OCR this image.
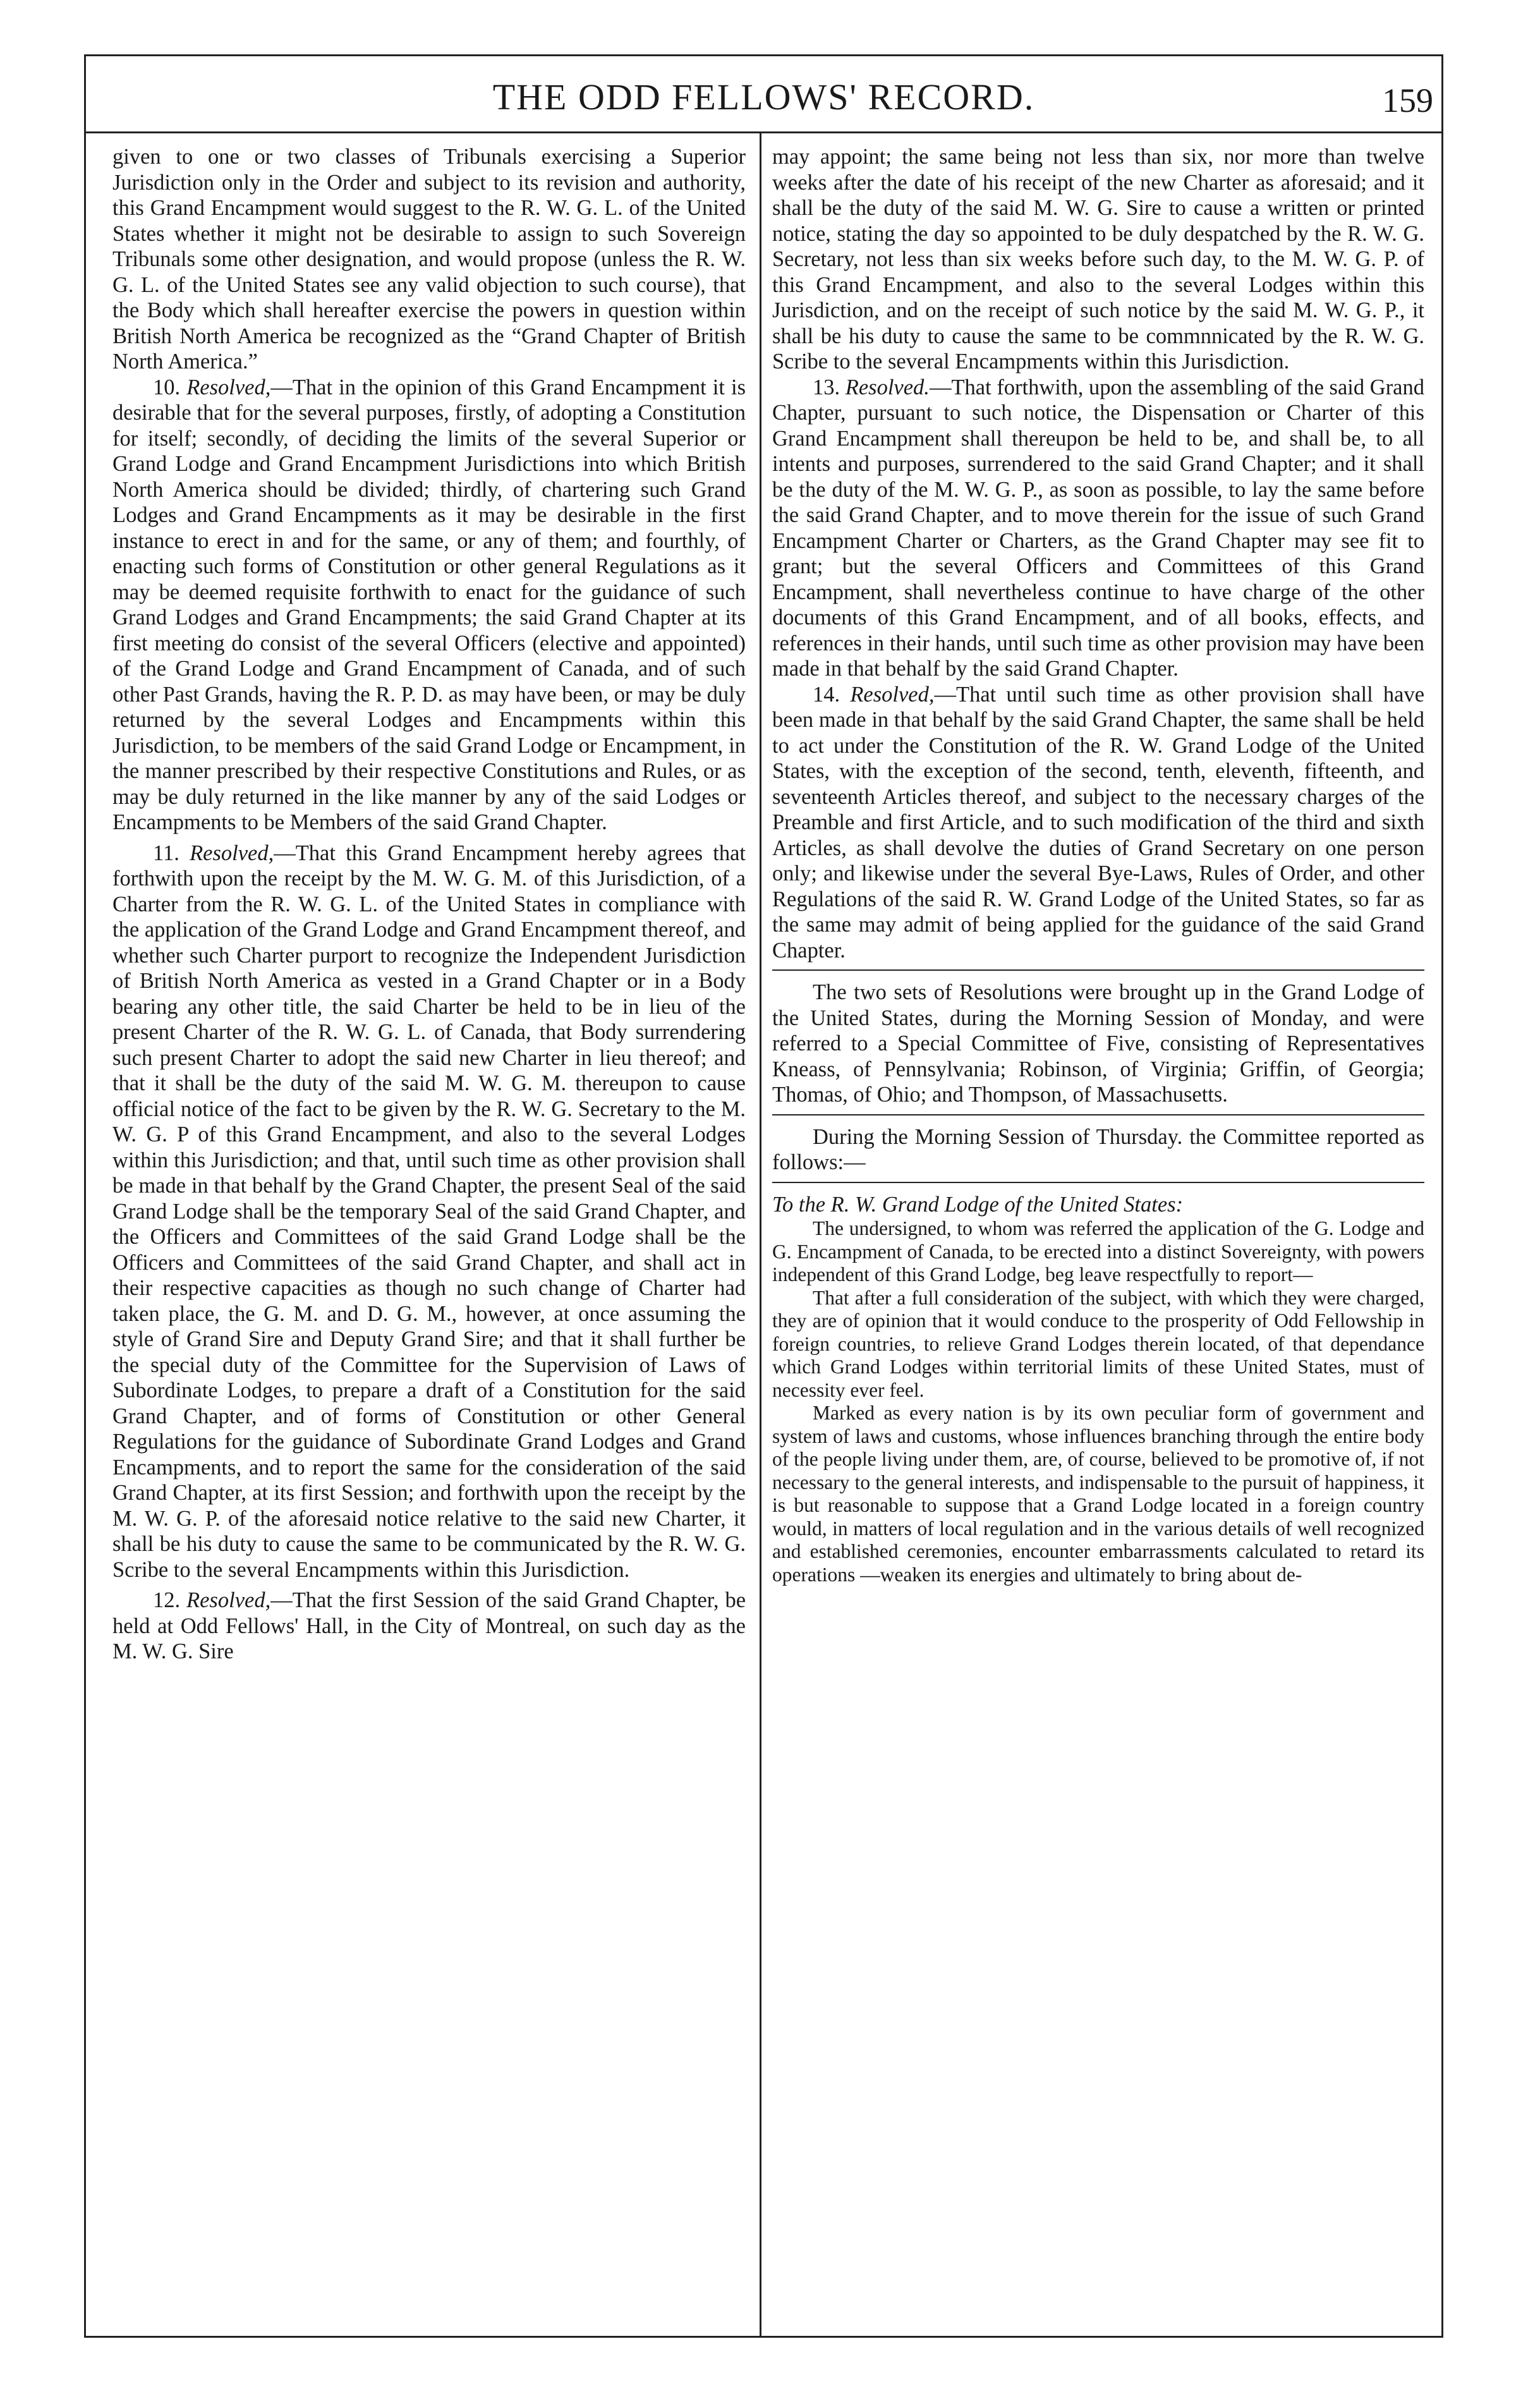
THE ODD FELLOWS' RECORD.	159

given to one or two classes of Tribunals exercising a Superior Jurisdiction only in the Order and subject to its revision and authority, this Grand Encampment would suggest to the R. W. G. L. of the United States whether it might not be desirable to assign to such Sovereign Tribunals some other designation, and would propose (unless the R. W. G. L. of the United States see any valid objection to such course), that the Body which shall hereafter exercise the powers in question within British North America be recognized as the “Grand Chapter of British North America.”

10. Resolved,—That in the opinion of this Grand Encampment it is desirable that for the several purposes, firstly, of adopting a Constitution for itself; secondly, of deciding the limits of the several Superior or Grand Lodge and Grand Encampment Jurisdictions into which British North America should be divided; thirdly, of chartering such Grand Lodges and Grand Encampments as it may be desirable in the first instance to erect in and for the same, or any of them; and fourthly, of enacting such forms of Constitution or other general Regulations as it may be deemed requisite forthwith to enact for the guidance of such Grand Lodges and Grand Encampments; the said Grand Chapter at its first meeting do consist of the several Officers (elective and appointed) of the Grand Lodge and Grand Encampment of Canada, and of such other Past Grands, having the R. P. D. as may have been, or may be duly returned by the several Lodges and Encampments within this Jurisdiction, to be members of the said Grand Lodge or Encampment, in the manner prescribed by their respective Constitutions and Rules, or as may be duly returned in the like manner by any of the said Lodges or Encampments to be Members of the said Grand Chapter.

11. Resolved,—That this Grand Encampment hereby agrees that forthwith upon the receipt by the M. W. G. M. of this Jurisdiction, of a Charter from the R. W. G. L. of the United States in compliance with the application of the Grand Lodge and Grand Encampment thereof, and whether such Charter purport to recognize the Independent Jurisdiction of British North America as vested in a Grand Chapter or in a Body bearing any other title, the said Charter be held to be in lieu of the present Charter of the R. W. G. L. of Canada, that Body surrendering such present Charter to adopt the said new Charter in lieu thereof; and that it shall be the duty of the said M. W. G. M. thereupon to cause official notice of the fact to be given by the R. W. G. Secretary to the M. W. G. P of this Grand Encampment, and also to the several Lodges within this Jurisdiction; and that, until such time as other provision shall be made in that behalf by the Grand Chapter, the present Seal of the said Grand Lodge shall be the temporary Seal of the said Grand Chapter, and the Officers and Committees of the said Grand Lodge shall be the Officers and Committees of the said Grand Chapter, and shall act in their respective capacities as though no such change of Charter had taken place, the G. M. and D. G. M., however, at once assuming the style of Grand Sire and Deputy Grand Sire; and that it shall further be the special duty of the Committee for the Supervision of Laws of Subordinate Lodges, to prepare a draft of a Constitution for the said Grand Chapter, and of forms of Constitution or other General Regulations for the guidance of Subordinate Grand Lodges and Grand Encampments, and to report the same for the consideration of the said Grand Chapter, at its first Session; and forthwith upon the receipt by the M. W. G. P. of the aforesaid notice relative to the said new Charter, it shall be his duty to cause the same to be communicated by the R. W. G. Scribe to the several Encampments within this Jurisdiction.

12. Resolved,—That the first Session of the said Grand Chapter, be held at Odd Fellows' Hall, in the City of Montreal, on such day as the M. W. G. Sire

may appoint; the same being not less than six, nor more than twelve weeks after the date of his receipt of the new Charter as aforesaid; and it shall be the duty of the said M. W. G. Sire to cause a written or printed notice, stating the day so appointed to be duly despatched by the R. W. G. Secretary, not less than six weeks before such day, to the M. W. G. P. of this Grand Encampment, and also to the several Lodges within this Jurisdiction, and on the receipt of such notice by the said M. W. G. P., it shall be his duty to cause the same to be commnnicated by the R. W. G. Scribe to the several Encampments within this Jurisdiction.

13. Resolved.—That forthwith, upon the assembling of the said Grand Chapter, pursuant to such notice, the Dispensation or Charter of this Grand Encampment shall thereupon be held to be, and shall be, to all intents and purposes, surrendered to the said Grand Chapter; and it shall be the duty of the M. W. G. P., as soon as possible, to lay the same before the said Grand Chapter, and to move therein for the issue of such Grand Encampment Charter or Charters, as the Grand Chapter may see fit to grant; but the several Officers and Committees of this Grand Encampment, shall nevertheless continue to have charge of the other documents of this Grand Encampment, and of all books, effects, and references in their hands, until such time as other provision may have been made in that behalf by the said Grand Chapter.

14. Resolved,—That until such time as other provision shall have been made in that behalf by the said Grand Chapter, the same shall be held to act under the Constitution of the R. W. Grand Lodge of the United States, with the exception of the second, tenth, eleventh, fifteenth, and seventeenth Articles thereof, and subject to the necessary charges of the Preamble and first Article, and to such modification of the third and sixth Articles, as shall devolve the duties of Grand Secretary on one person only; and likewise under the several Bye-Laws, Rules of Order, and other Regulations of the said R. W. Grand Lodge of the United States, so far as the same may admit of being applied for the guidance of the said Grand Chapter.

The two sets of Resolutions were brought up in the Grand Lodge of the United States, during the Morning Session of Monday, and were referred to a Special Committee of Five, consisting of Representatives Kneass, of Pennsylvania; Robinson, of Virginia; Griffin, of Georgia; Thomas, of Ohio; and Thompson, of Massachusetts.

During the Morning Session of Thursday. the Committee reported as follows:—

To the R. W. Grand Lodge of the United States:

The undersigned, to whom was referred the application of the G. Lodge and G. Encampment of Canada, to be erected into a distinct Sovereignty, with powers independent of this Grand Lodge, beg leave respectfully to report—

That after a full consideration of the subject, with which they were charged, they are of opinion that it would conduce to the prosperity of Odd Fellowship in foreign countries, to relieve Grand Lodges therein located, of that dependance which Grand Lodges within territorial limits of these United States, must of necessity ever feel.

Marked as every nation is by its own peculiar form of government and system of laws and customs, whose influences branching through the entire body of the people living under them, are, of course, believed to be promotive of, if not necessary to the general interests, and indispensable to the pursuit of happiness, it is but reasonable to suppose that a Grand Lodge located in a foreign country would, in matters of local regulation and in the various details of well recognized and established ceremonies, encounter embarrassments calculated to retard its operations —weaken its energies and ultimately to bring about de-
